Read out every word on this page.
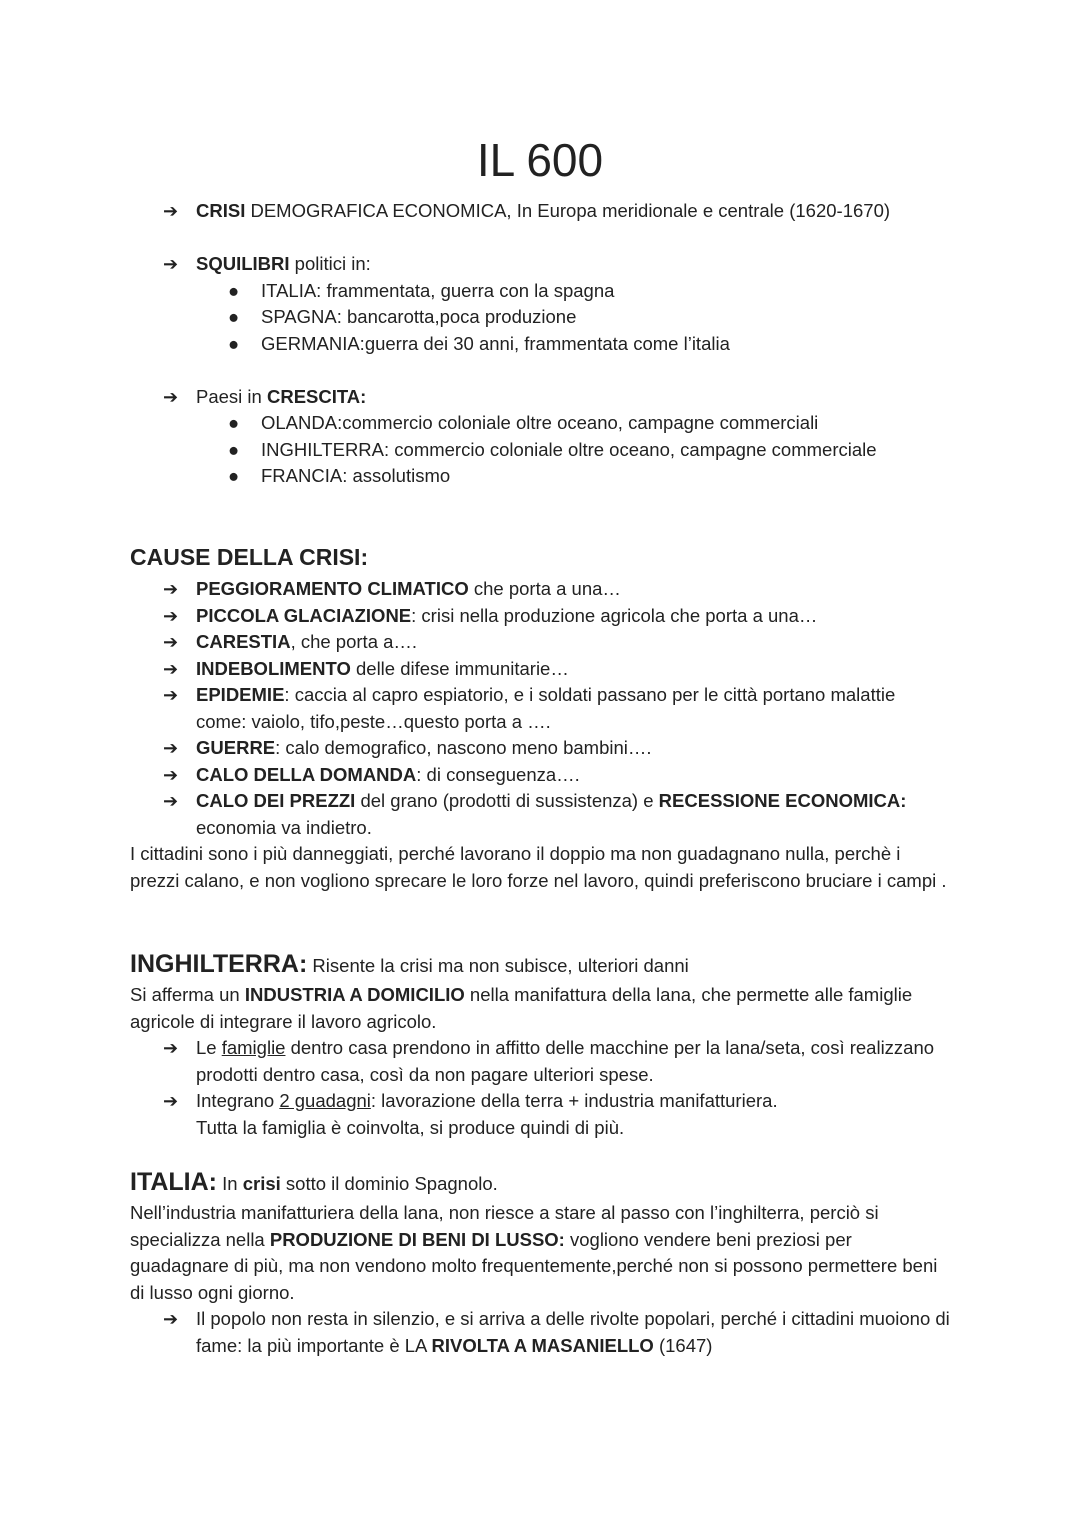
IL 600
➔ CRISI DEMOGRAFICA ECONOMICA, In Europa meridionale e centrale (1620-1670)
➔ SQUILIBRI politici in:
● ITALIA: frammentata, guerra con la spagna
● SPAGNA: bancarotta,poca produzione
● GERMANIA:guerra dei 30 anni, frammentata come l’italia
➔ Paesi in CRESCITA:
● OLANDA:commercio coloniale oltre oceano, campagne commerciali
● INGHILTERRA: commercio coloniale oltre oceano, campagne commerciale
● FRANCIA: assolutismo
CAUSE DELLA CRISI:
➔ PEGGIORAMENTO CLIMATICO che porta a una…
➔ PICCOLA GLACIAZIONE: crisi nella produzione agricola che porta a una…
➔ CARESTIA, che porta a….
➔ INDEBOLIMENTO delle difese immunitarie…
➔ EPIDEMIE: caccia al capro espiatorio, e i soldati passano per le città portano malattie come: vaiolo, tifo,peste…questo porta a ….
➔ GUERRE: calo demografico, nascono meno bambini….
➔ CALO DELLA DOMANDA: di conseguenza….
➔ CALO DEI PREZZI del grano (prodotti di sussistenza) e RECESSIONE ECONOMICA: economia va indietro.
I cittadini sono i più danneggiati, perché lavorano il doppio ma non guadagnano nulla, perchè i prezzi calano, e non vogliono sprecare le loro forze nel lavoro, quindi preferiscono bruciare i campi .
INGHILTERRA: Risente la crisi ma non subisce, ulteriori danni
Si afferma un INDUSTRIA A DOMICILIO nella manifattura della lana, che permette alle famiglie agricole di integrare il lavoro agricolo.
➔ Le famiglie dentro casa prendono in affitto delle macchine per la lana/seta, così realizzano prodotti dentro casa, così da non pagare ulteriori spese.
➔ Integrano 2 guadagni: lavorazione della terra + industria manifatturiera.
Tutta la famiglia è coinvolta, si produce quindi di più.
ITALIA: In crisi sotto il dominio Spagnolo.
Nell’industria manifatturiera della lana, non riesce a stare al passo con l’inghilterra, perciò si specializza nella PRODUZIONE DI BENI DI LUSSO: vogliono vendere beni preziosi per guadagnare di più, ma non vendono molto frequentemente,perché non si possono permettere beni di lusso ogni giorno.
➔ Il popolo non resta in silenzio, e si arriva a delle rivolte popolari, perché i cittadini muoiono di fame: la più importante è LA RIVOLTA A MASANIELLO (1647)
